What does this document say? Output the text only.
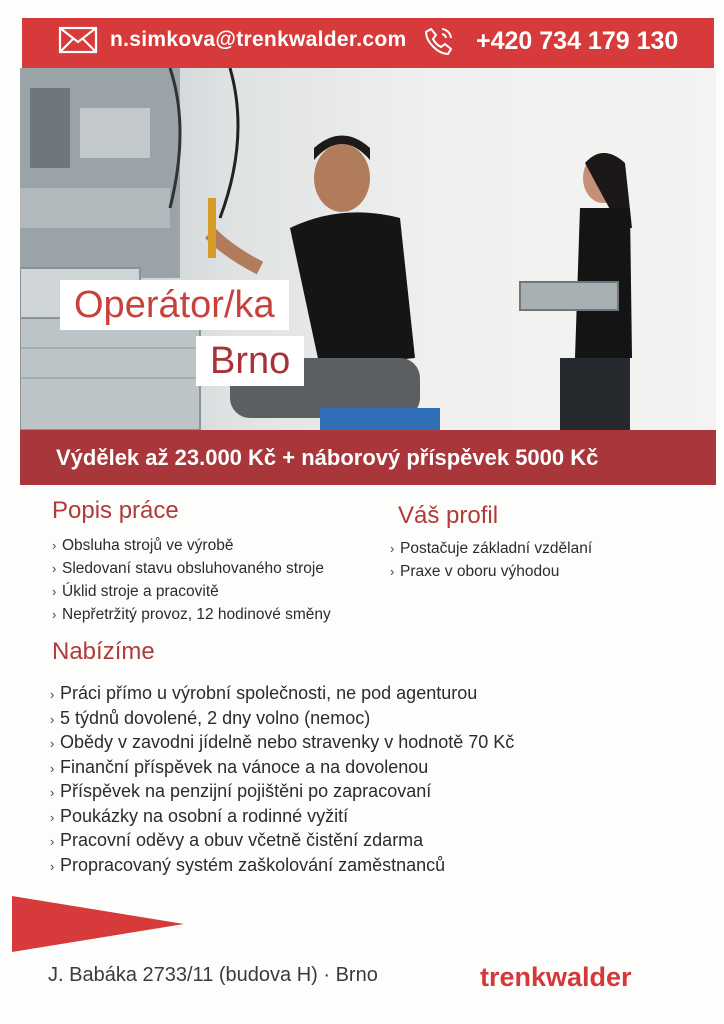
n.simkova@trenkwalder.com	+420 734 179 130
Operátor/ka
Brno
Výdělek až 23.000 Kč + náborový příspěvek 5000 Kč
Popis práce
› Obsluha strojů ve výrobě
› Sledovaní stavu obsluhovaného stroje
› Úklid stroje a pracovitě
› Nepřetržitý provoz, 12 hodinové směny
Váš profil
› Postačuje základní vzdělaní
› Praxe v oboru výhodou
Nabízíme
› Práci přímo u výrobní společnosti, ne pod agenturou
› 5 týdnů dovolené, 2 dny volno (nemoc)
› Obědy v zavodni jídelně nebo stravenky v hodnotě 70 Kč
› Finanční příspěvek na vánoce a na dovolenou
› Příspěvek na penzijní pojištěni po zapracovaní
› Poukázky na osobní a rodinné vyžití
› Pracovní oděvy a obuv včetně čistění zdarma
› Propracovaný systém zaškolování zaměstnanců
J. Babáka 2733/11 (budova H) · Brno	trenkwalder
